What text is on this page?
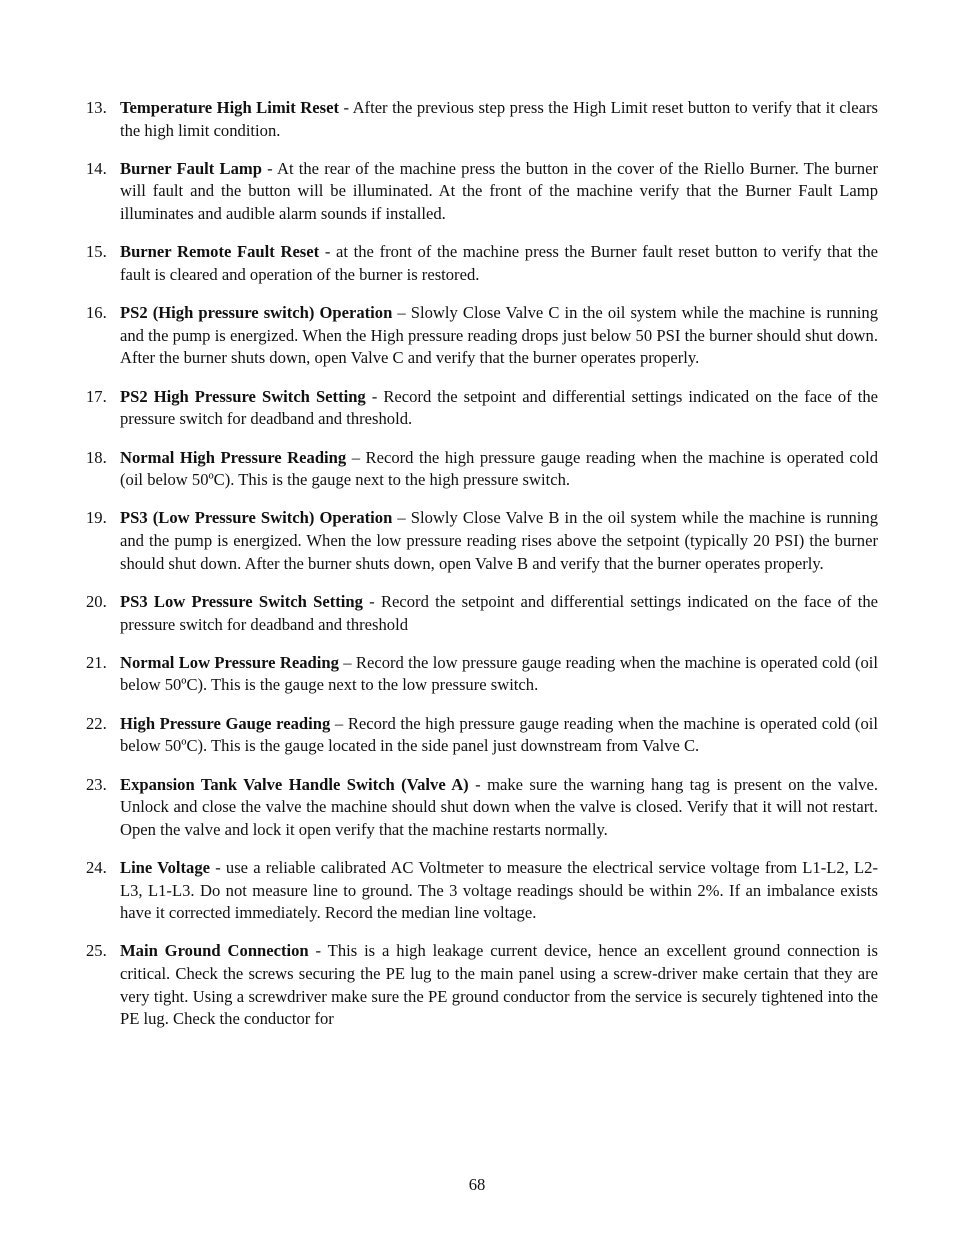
13. Temperature High Limit Reset - After the previous step press the High Limit reset button to verify that it clears the high limit condition.
14. Burner Fault Lamp - At the rear of the machine press the button in the cover of the Riello Burner. The burner will fault and the button will be illuminated. At the front of the machine verify that the Burner Fault Lamp illuminates and audible alarm sounds if installed.
15. Burner Remote Fault Reset - at the front of the machine press the Burner fault reset button to verify that the fault is cleared and operation of the burner is restored.
16. PS2 (High pressure switch) Operation – Slowly Close Valve C in the oil system while the machine is running and the pump is energized. When the High pressure reading drops just below 50 PSI the burner should shut down. After the burner shuts down, open Valve C and verify that the burner operates properly.
17. PS2 High Pressure Switch Setting - Record the setpoint and differential settings indicated on the face of the pressure switch for deadband and threshold.
18. Normal High Pressure Reading – Record the high pressure gauge reading when the machine is operated cold (oil below 50ºC). This is the gauge next to the high pressure switch.
19. PS3 (Low Pressure Switch) Operation – Slowly Close Valve B in the oil system while the machine is running and the pump is energized. When the low pressure reading rises above the setpoint (typically 20 PSI) the burner should shut down. After the burner shuts down, open Valve B and verify that the burner operates properly.
20. PS3 Low Pressure Switch Setting - Record the setpoint and differential settings indicated on the face of the pressure switch for deadband and threshold
21. Normal Low Pressure Reading – Record the low pressure gauge reading when the machine is operated cold (oil below 50ºC). This is the gauge next to the low pressure switch.
22. High Pressure Gauge reading – Record the high pressure gauge reading when the machine is operated cold (oil below 50ºC). This is the gauge located in the side panel just downstream from Valve C.
23. Expansion Tank Valve Handle Switch (Valve A) - make sure the warning hang tag is present on the valve. Unlock and close the valve the machine should shut down when the valve is closed. Verify that it will not restart. Open the valve and lock it open verify that the machine restarts normally.
24. Line Voltage - use a reliable calibrated AC Voltmeter to measure the electrical service voltage from L1-L2, L2-L3, L1-L3. Do not measure line to ground. The 3 voltage readings should be within 2%. If an imbalance exists have it corrected immediately. Record the median line voltage.
25. Main Ground Connection - This is a high leakage current device, hence an excellent ground connection is critical. Check the screws securing the PE lug to the main panel using a screw-driver make certain that they are very tight. Using a screwdriver make sure the PE ground conductor from the service is securely tightened into the PE lug. Check the conductor for
68
